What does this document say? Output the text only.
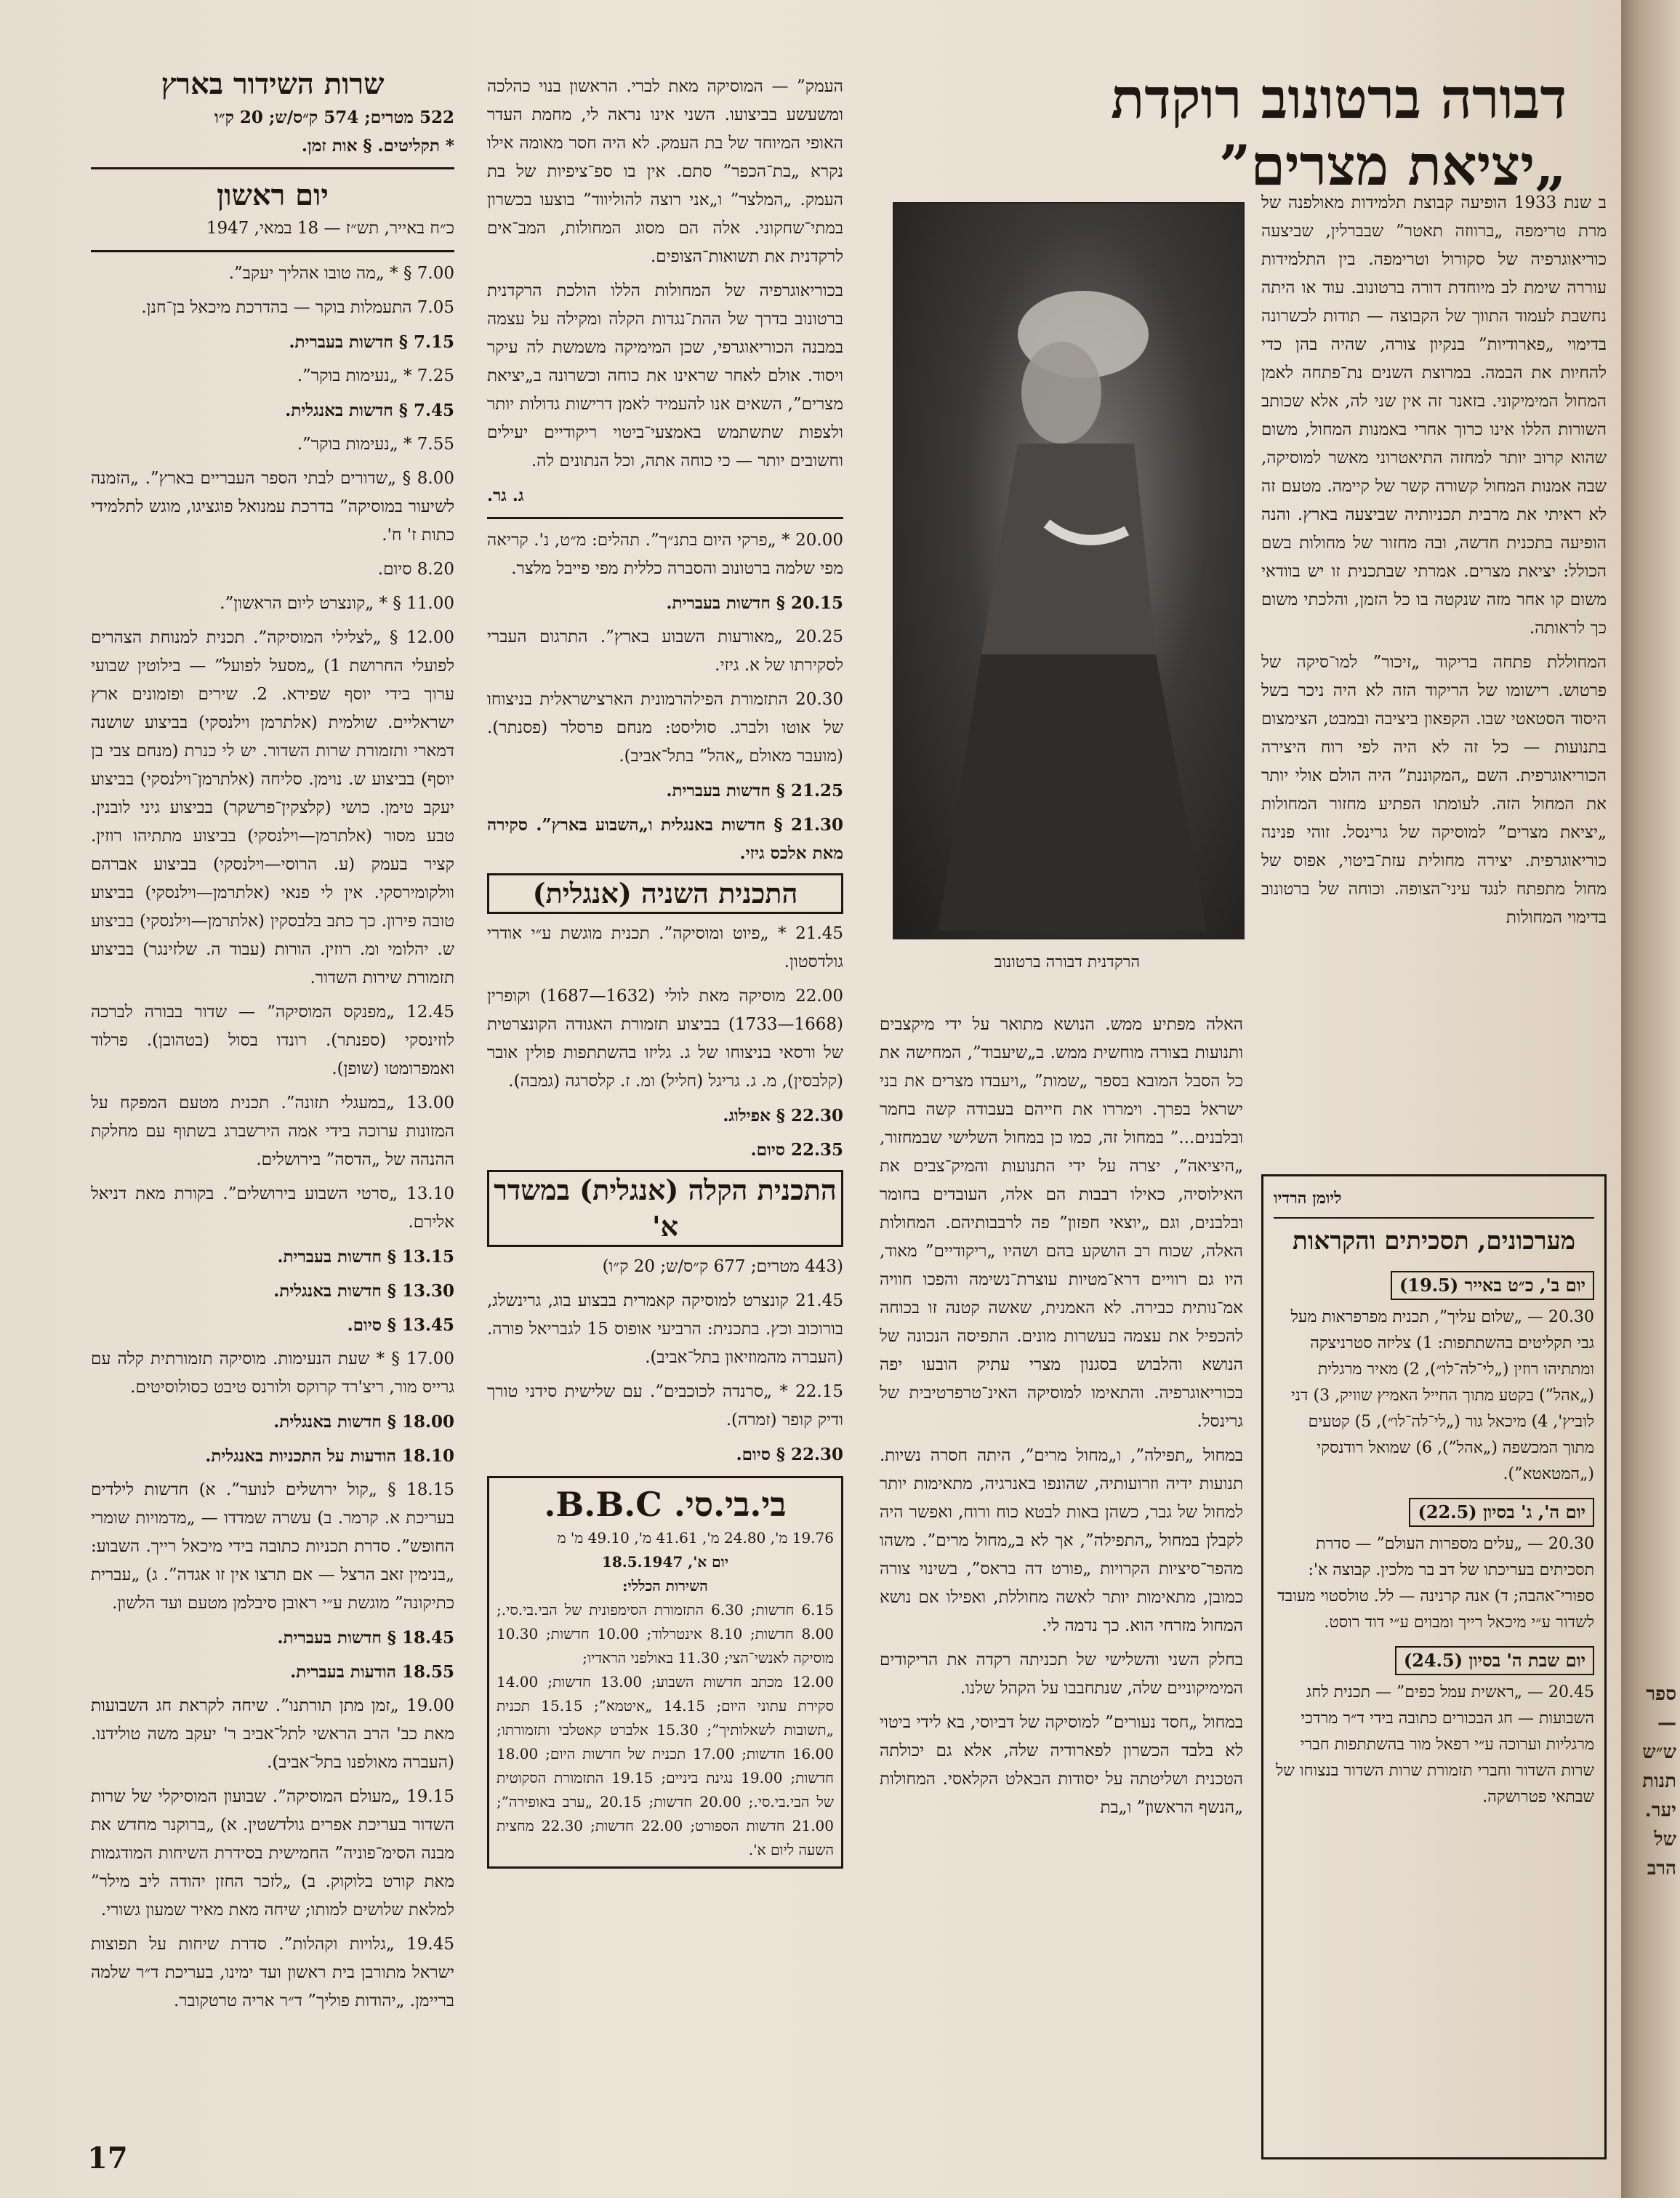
דבורה ברטונוב רוקדת
„יציאת מצרים”

ב שנת 1933 הופיעה קבוצת תלמידות מאולפנה של מרת טרימפה „ברווזה תאטר” שבברלין, שביצעה כוריאוגרפיה של סקורול וטרימפה. בין התלמידות עוררה שימת לב מיוחדת דורה ברטונוב. עוד או היתה נחשבת לעמוד התווך של הקבוצה — תודות לכשרונה בדימוי „פארודיות” בנקיון צורה, שהיה בהן כדי להחיות את הבמה. במרוצת השנים נת־פתחה לאמן המחול המימיקוני. בזאנר זה אין שני לה, אלא שכותב השורות הללו אינו כרוך אחרי באמנות המחול, משום שהוא קרוב יותר למחזה התיאטרוני מאשר למוסיקה, שבה אמנות המחול קשורה קשר של קיימה. מטעם זה לא ראיתי את מרבית תכניותיה שביצעה בארץ. והנה הופיעה בתכנית חדשה, ובה מחזור של מחולות בשם הכולל: יציאת מצרים. אמרתי שבתכנית זו יש בוודאי משום קו אחר מזה שנקטה בו כל הזמן, והלכתי משום כך לראותה.

המחוללת פתחה בריקוד „זיכור” למו־סיקה של פרטוש. רישומו של הריקוד הזה לא היה ניכר בשל היסוד הסטאטי שבו. הקפאון ביציבה ובמבט, הצימצום בתנועות — כל זה לא היה לפי רוח היצירה הכוריאוגרפית. השם „המקוננת” היה הולם אולי יותר את המחול הזה. לעומתו הפתיע מחזור המחולות „יציאת מצרים” למוסיקה של גרינסל. זוהי פנינה כוריאוגרפית. יצירה מחולית עזת־ביטוי, אפוס של מחול מתפתח לנגד עיני־הצופה. וכוחה של ברטונוב בדימוי המחולות

הרקדנית דבורה ברטונוב

האלה מפתיע ממש. הנושא מתואר על ידי מיקצבים ותנועות בצורה מוחשית ממש. ב„שיעבוד”, המחישה את כל הסבל המובא בספר „שמות” „ויעבדו מצרים את בני ישראל בפרך. וימררו את חייהם בעבודה קשה בחמר ובלבנים...” במחול זה, כמו כן במחול השלישי שבמחזור, „היציאה”, יצרה על ידי התנועות והמיק־צבים את האילוסיה, כאילו רבבות הם אלה, העובדים בחומר ובלבנים, וגם „יוצאי חפזון” פה לרבבותיהם. המחולות האלה, שכוח רב הושקע בהם ושהיו „ריקודיים” מאוד, היו גם רוויים דרא־מטיות עוצרת־נשימה והפכו חוויה אמ־נותית כבירה. לא האמנית, שאשה קטנה זו בכוחה להכפיל את עצמה בעשרות מונים. התפיסה הנכונה של הנושא והלבוש בסגנון מצרי עתיק הובעו יפה בכוריאוגרפיה. והתאימו למוסיקה האינ־טרפרטיבית של גרינסל.

במחול „תפילה”, ו„מחול מרים”, היתה חסרה נשיות. תנועות ידיה וזרועותיה, שהונפו באנרגיה, מתאימות יותר למחול של גבר, כשהן באות לבטא כוח ורוח, ואפשר היה לקבלן במחול „התפילה”, אך לא ב„מחול מרים”. משהו מהפר־סיציות הקרויות „פורט דה בראס”, בשינוי צורה כמובן, מתאימות יותר לאשה מחוללת, ואפילו אם נושא המחול מזרחי הוא. כך נדמה לי.

בחלק השני והשלישי של תכניתה רקדה את הריקודים המימיקוניים שלה, שנתחבבו על הקהל שלנו.

במחול „חסד נעורים” למוסיקה של דביוסי, בא לידי ביטוי לא בלבד הכשרון לפארודיה שלה, אלא גם יכולתה הטכנית ושליטתה על יסודות הבאלט הקלאסי. המחולות „הנשף הראשון” ו„בת

העמק” — המוסיקה מאת לברי. הראשון בנוי כהלכה ומשעשע בביצועו. השני אינו נראה לי, מחמת העדר האופי המיוחד של בת העמק. לא היה חסר מאומה אילו נקרא „בת־הכפר” סתם. אין בו ספ־ציפיות של בת העמק. „המלצר” ו„אני רוצה להוליווד” בוצעו בכשרון במתי־שחקוני. אלה הם מסוג המחולות, המב־אים לרקדנית את תשואות־הצופים.

בכוריאוגרפיה של המחולות הללו הולכת הרקדנית ברטונוב בדרך של ההת־נגדות הקלה ומקילה על עצמה במבנה הכוריאוגרפי, שכן המימיקה משמשת לה עיקר ויסוד. אולם לאחר שראינו את כוחה וכשרונה ב„יציאת מצרים”, השאים אנו להעמיד לאמן דרישות גדולות יותר ולצפות שתשתמש באמצעי־ביטוי ריקודיים יעילים וחשובים יותר — כי כוחה אתה, וכל הנתונים לה.

ג. גר.

20.00 * „פרקי היום בתנ״ך”. תהלים: מ״ט, נ'. קריאה מפי שלמה ברטונוב והסברה כללית מפי פייבל מלצר.

20.15 § חדשות בעברית.

20.25 „מאורעות השבוע בארץ”. התרגום העברי לסקירתו של א. גיזי.

20.30 התזמורת הפילהרמונית הארצישראלית בניצוחו של אוטו ולברג. סוליסט: מנחם פרסלר (פסנתר). (מועבר מאולם „אהל” בתל־אביב).

21.25 § חדשות בעברית.

21.30 § חדשות באנגלית ו„השבוע בארץ”. סקירה מאת אלכס גיזי.

התכנית השניה (אנגלית)

21.45 * „פיוט ומוסיקה”. תכנית מוגשת ע״י אודרי גולדסטון.

22.00 מוסיקה מאת לולי (1632—1687) וקופרין (1668—1733) בביצוע תזמורת האגודה הקונצרטית של ורסאי בניצוחו של ג. גליזו בהשתתפות פולין אובר (קלבסין), מ. ג. גריגל (חליל) ומ. ז. קלסרגה (גמבה).

22.30 § אפילוג.

22.35 סיום.

התכנית הקלה (אנגלית) במשדר א'

(443 מטרים; 677 ק״ס/ש; 20 ק״ו)

21.45 קונצרט למוסיקה קאמרית בבצוע בוג, גרינשלג, בורוכוב וכץ. בתכנית: הרביעי אופוס 15 לגבריאל פורה. (העברה מהמוזיאון בתל־אביב).

22.15 * „סרנדה לכוכבים”. עם שלישית סידני טורך ודיק קופר (זמרה).

22.30 § סיום.

בי.בי.סי. B.B.C.
19.76 מ', 24.80 מ', 41.61 מ', 49.10 מ' מ
יום א', 18.5.1947
השירות הכללי:
6.15 חדשות; 6.30 התזמורת הסימפונית של הבי.בי.סי.; 8.00 חדשות; 8.10 אינטרלוד; 10.00 חדשות; 10.30 מוסיקה לאנשי־הצי; 11.30 באולפני הראדיו;
12.00 מכתב חדשות השבוע; 13.00 חדשות; 14.00 סקירת עתוני היום; 14.15 „איטמא”; 15.15 תכנית „תשובות לשאלותיך”; 15.30 אלברט קאטלבי ותזמורתו; 16.00 חדשות; 17.00 תכנית של חדשות היום; 18.00 חדשות; 19.00 נגינת ביניים; 19.15 התזמורת הסקוטית של הבי.בי.סי.; 20.00 חדשות; 20.15 „ערב באופירה”; 21.00 חדשות הספורט; 22.00 חדשות; 22.30 מחצית השעה ליום א'.
שרות השידור בארץ
522 מטרים; 574 ק״ס/ש; 20 ק״ו
* תקליטים. § אות זמן.
יום ראשון
כ״ח באייר, תש״ז — 18 במאי, 1947

7.00 § * „מה טובו אהליך יעקב”.

7.05 התעמלות בוקר — בהדרכת מיכאל בן־חנן.

7.15 § חדשות בעברית.

7.25 * „נעימות בוקר”.

7.45 § חדשות באנגלית.

7.55 * „נעימות בוקר”.

8.00 § „שדורים לבתי הספר העבריים בארץ”. „הזמנה לשיעור במוסיקה” בדרכת עמנואל פוגציגו, מוגש לתלמידי כתות ז' ח'.

8.20 סיום.

11.00 § * „קונצרט ליום הראשון”.

12.00 § „לצלילי המוסיקה”. תכנית למנוחת הצהרים לפועלי החרושת 1) „מסעל לפועל” — בילוטין שבועי ערוך בידי יוסף שפירא. 2. שירים ופזמונים ארץ ישראליים. שולמית (אלתרמן וילנסקי) בביצוע שושנה דמארי ותזמורת שרות השדור. יש לי כנרת (מנחם צבי בן יוסף) בביצוע ש. נוימן. סליחה (אלתרמן־וילנסקי) בביצוע יעקב טימן. כושי (קלצקין־פרשקר) בביצוע גיני לובנין. טבע מסור (אלתרמן—וילנסקי) בביצוע מתתיהו רוזין. קציר בעמק (ע. הרוסי—וילנסקי) בביצוע אברהם וולקומירסקי. אין לי פנאי (אלתרמן—וילנסקי) בביצוע טובה פירון. כך כתב בלבסקין (אלתרמן—וילנסקי) בביצוע ש. יהלומי ומ. רוזין. הורות (עבוד ה. שלזינגר) בביצוע תזמורת שירות השדור.

12.45 „מפנקס המוסיקה” — שדור בבורה לברכה לוזינסקי (ספנתר). רונדו בסול (בטהובן). פרלוד ואמפרומטו (שופן).

13.00 „במעגלי תזונה”. תכנית מטעם המפקח על המזונות ערוכה בידי אמה הירשברג בשתוף עם מחלקת ההנהה של „הדסה” בירושלים.

13.10 „סרטי השבוע בירושלים”. בקורת מאת דניאל אלירם.

13.15 § חדשות בעברית.

13.30 § חדשות באנגלית.

13.45 § סיום.

17.00 § * שעת הנעימות. מוסיקה תזמורתית קלה עם גרייס מור, ריצ'רד קרוקס ולורנס טיבט כסולוסיטים.

18.00 § חדשות באנגלית.

18.10 הודעות על התכניות באנגלית.

18.15 § „קול ירושלים לנוער”. א) חדשות לילדים בעריכת א. קרמר. ב) עשרה שמדדו — „מדמויות שומרי החופש”. סדרת תכניות כתובה בידי מיכאל רייך. השבוע: „בנימין זאב הרצל — אם תרצו אין זו אגדה”. ג) „עברית כתיקונה” מוגשת ע״י ראובן סיבלמן מטעם ועד הלשון.

18.45 § חדשות בעברית.

18.55 הודעות בעברית.

19.00 „זמן מתן תורתנו”. שיחה לקראת חג השבועות מאת כב' הרב הראשי לתל־אביב ר' יעקב משה טולידנו. (העברה מאולפנו בתל־אביב).

19.15 „מעולם המוסיקה”. שבועון המוסיקלי של שרות השדור בעריכת אפרים גולדשטין. א) „ברוקנר מחדש את מבנה הסימ־פוניה” החמישית בסידרת השיחות המודגמות מאת קורט בלוקוק. ב) „לזכר החזן יהודה ליב מילר” למלאת שלושים למותו; שיחה מאת מאיר שמעון גשורי.

19.45 „גלויות וקהלות”. סדרת שיחות על תפוצות ישראל מתורבן בית ראשון ועד ימינו, בעריכת ד״ר שלמה בריימן. „יהודות פוליך” ד״ר אריה טרטקובר.

ליומן הרדיו
מערכונים, תסכיתים והקראות
יום ב', כ״ט באייר (19.5)

20.30 — „שלום עליך”, תכנית מפרפראות מעל גבי תקליטים בהשתתפות: 1) צליזה סטרניצקה ומתתיהו רוזין („לי־לה־לו״), 2) מאיר מרגלית („אהל”) בקטע מתוך החייל האמיץ שוויק, 3) דני לוביץ', 4) מיכאל גור („לי־לה־לו״), 5) קטעים מתוך המכשפה („אהל”), 6) שמואל רודנסקי („המטאטא”).

יום ה', ג' בסיון (22.5)

20.30 — „עלים מספרות העולם” — סדרת תסכיתים בעריכתו של דב בר מלכין. קבוצה א': ספורי־אהבה; ד) אנה קרנינה — לל. טולסטוי מעובד לשדור ע״י מיכאל רייך ומבוים ע״י דוד רוסט.

יום שבת ה' בסיון (24.5)

20.45 — „ראשית עמל כפים” — תכנית לחג השבועות — חג הבכורים כתובה בידי ד״ר מרדכי מרגליות וערוכה ע״י רפאל מור בהשתתפות חברי שרות השדור וחברי תזמורת שרות השדור בנצוחו של שבתאי פטרושקה.

17
ספר — ש״ש תנות יער. של הרב
